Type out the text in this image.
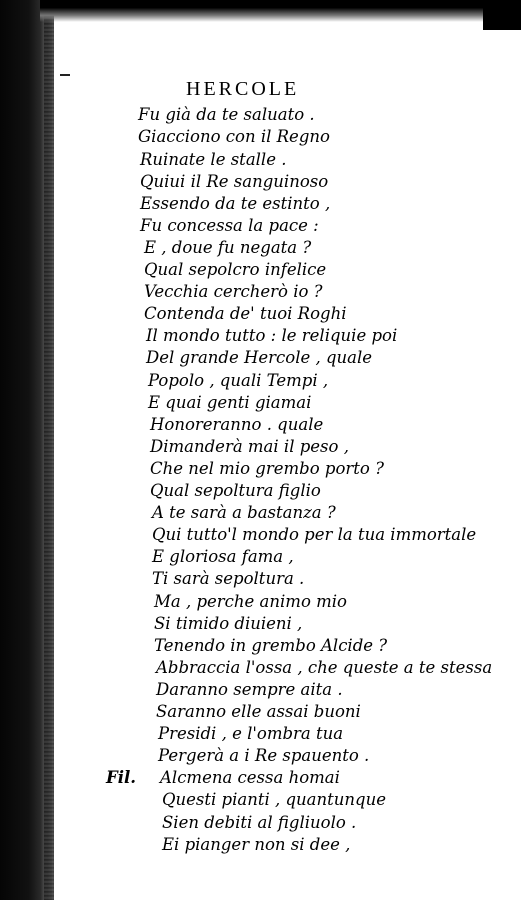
HERCOLE
Fu già da te saluato .
Giacciono con il Regno
Ruinate le stalle .
Quiui il Re sanguinoso
Essendo da te estinto ,
Fu concessa la pace :
E , doue fu negata ?
Qual sepolcro infelice
Vecchia cercherò io ?
Contenda de' tuoi Roghi
Il mondo tutto : le reliquie poi
Del grande Hercole , quale
Popolo , quali Tempi ,
E quai genti giamai
Honoreranno . quale
Dimanderà mai il peso ,
Che nel mio grembo porto ?
Qual sepoltura figlio
A te sarà a bastanza ?
Qui tutto'l mondo per la tua immortale
E gloriosa fama ,
Ti sarà sepoltura .
Ma , perche animo mio
Si timido diuieni ,
Tenendo in grembo Alcide ?
Abbraccia l'ossa , che queste a te stessa
Daranno sempre aita .
Saranno elle assai buoni
Presidi , e l'ombra tua
Pergerà a i Re spauento .
Fil. Alcmena cessa homai
Questi pianti , quantunque
Sien debiti al figliuolo .
Ei pianger non si dee ,
